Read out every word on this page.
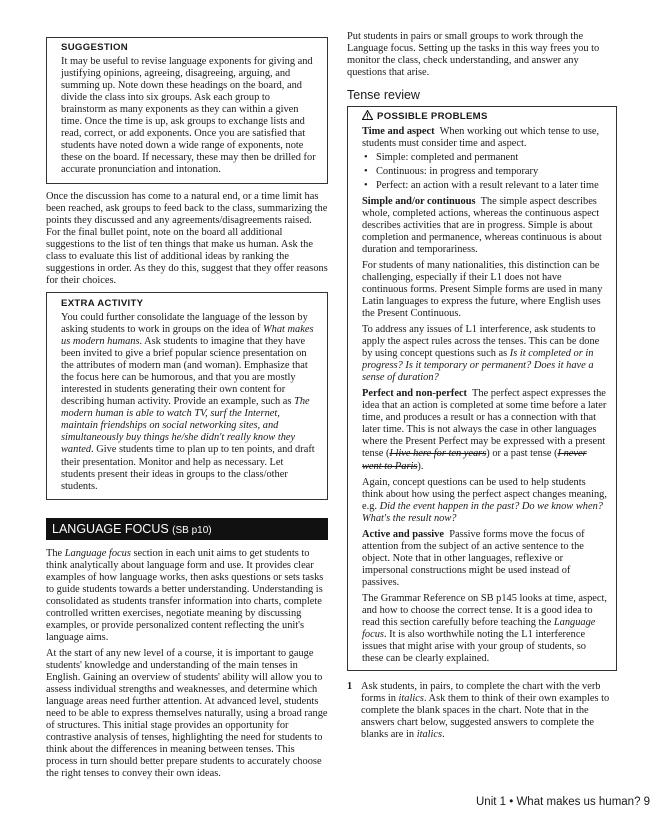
SUGGESTION

It may be useful to revise language exponents for giving and justifying opinions, agreeing, disagreeing, arguing, and summing up. Note down these headings on the board, and divide the class into six groups. Ask each group to brainstorm as many exponents as they can within a given time. Once the time is up, ask groups to exchange lists and read, correct, or add exponents. Once you are satisfied that students have noted down a wide range of exponents, note these on the board. If necessary, these may then be drilled for accurate pronunciation and intonation.

Once the discussion has come to a natural end, or a time limit has been reached, ask groups to feed back to the class, summarizing the points they discussed and any agreements/disagreements raised. For the final bullet point, note on the board all additional suggestions to the list of ten things that make us human. Ask the class to evaluate this list of additional ideas by ranking the suggestions in order. As they do this, suggest that they offer reasons for their choices.

EXTRA ACTIVITY

You could further consolidate the language of the lesson by asking students to work in groups on the idea of What makes us modern humans. Ask students to imagine that they have been invited to give a brief popular science presentation on the attributes of modern man (and woman). Emphasize that the focus here can be humorous, and that you are mostly interested in students generating their own content for describing human activity. Provide an example, such as The modern human is able to watch TV, surf the Internet, maintain friendships on social networking sites, and simultaneously buy things he/she didn't really know they wanted. Give students time to plan up to ten points, and draft their presentation. Monitor and help as necessary. Let students present their ideas in groups to the class/other students.

LANGUAGE FOCUS (SB p10)

The Language focus section in each unit aims to get students to think analytically about language form and use. It provides clear examples of how language works, then asks questions or sets tasks to guide students towards a better understanding. Understanding is consolidated as students transfer information into charts, complete controlled written exercises, negotiate meaning by discussing examples, or provide personalized content reflecting the unit's language aims.

At the start of any new level of a course, it is important to gauge students' knowledge and understanding of the main tenses in English. Gaining an overview of students' ability will allow you to assess individual strengths and weaknesses, and determine which language areas need further attention. At advanced level, students need to be able to express themselves naturally, using a broad range of structures. This initial stage provides an opportunity for contrastive analysis of tenses, highlighting the need for students to think about the differences in meaning between tenses. This process in turn should better prepare students to accurately choose the right tenses to convey their own ideas.

Put students in pairs or small groups to work through the Language focus. Setting up the tasks in this way frees you to monitor the class, check understanding, and answer any questions that arise.

Tense review
POSSIBLE PROBLEMS

Time and aspect When working out which tense to use, students must consider time and aspect.

• Simple: completed and permanent
• Continuous: in progress and temporary
• Perfect: an action with a result relevant to a later time

Simple and/or continuous The simple aspect describes whole, completed actions, whereas the continuous aspect describes activities that are in progress. Simple is about completion and permanence, whereas continuous is about duration and temporariness.

For students of many nationalities, this distinction can be challenging, especially if their L1 does not have continuous forms. Present Simple forms are used in many Latin languages to express the future, where English uses the Present Continuous.

To address any issues of L1 interference, ask students to apply the aspect rules across the tenses. This can be done by using concept questions such as Is it completed or in progress? Is it temporary or permanent? Does it have a sense of duration?

Perfect and non-perfect The perfect aspect expresses the idea that an action is completed at some time before a later time, and produces a result or has a connection with that later time. This is not always the case in other languages where the Present Perfect may be expressed with a present tense (I live here for ten years) or a past tense (I never went to Paris).

Again, concept questions can be used to help students think about how using the perfect aspect changes meaning, e.g. Did the event happen in the past? Do we know when? What's the result now?

Active and passive Passive forms move the focus of attention from the subject of an active sentence to the object. Note that in other languages, reflexive or impersonal constructions might be used instead of passives.

The Grammar Reference on SB p145 looks at time, aspect, and how to choose the correct tense. It is a good idea to read this section carefully before teaching the Language focus. It is also worthwhile noting the L1 interference issues that might arise with your group of students, so these can be clearly explained.

1 Ask students, in pairs, to complete the chart with the verb forms in italics. Ask them to think of their own examples to complete the blank spaces in the chart. Note that in the answers chart below, suggested answers to complete the blanks are in italics.

Unit 1 • What makes us human? 9
